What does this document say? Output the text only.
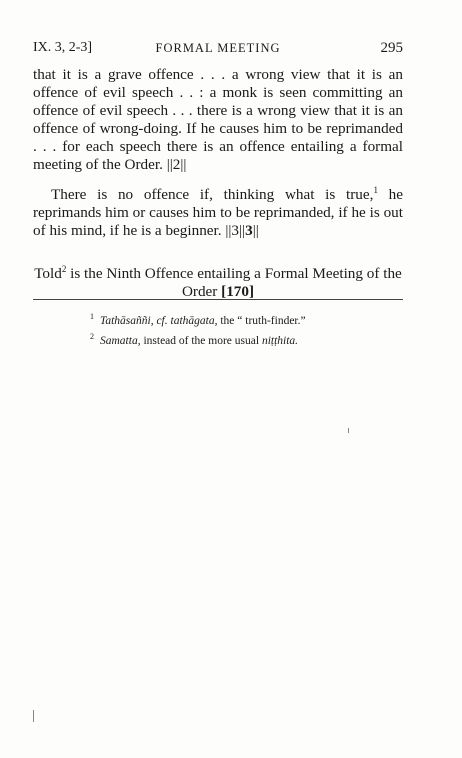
IX. 3, 2-3]	FORMAL MEETING	295
that it is a grave offence . . . a wrong view that it is an offence of evil speech . . : a monk is seen committing an offence of evil speech . . . there is a wrong view that it is an offence of wrong-doing. If he causes him to be reprimanded . . . for each speech there is an offence entailing a formal meeting of the Order. ||2||
There is no offence if, thinking what is true,$^1$ he reprimands him or causes him to be reprimanded, if he is out of his mind, if he is a beginner. ||3||3||
Told$^2$ is the Ninth Offence entailing a Formal Meeting of the Order [170]
$^1$ Tathāsaññi, cf. tathāgata, the “ truth-finder.”
$^2$ Samatta, instead of the more usual niṭṭhita.
